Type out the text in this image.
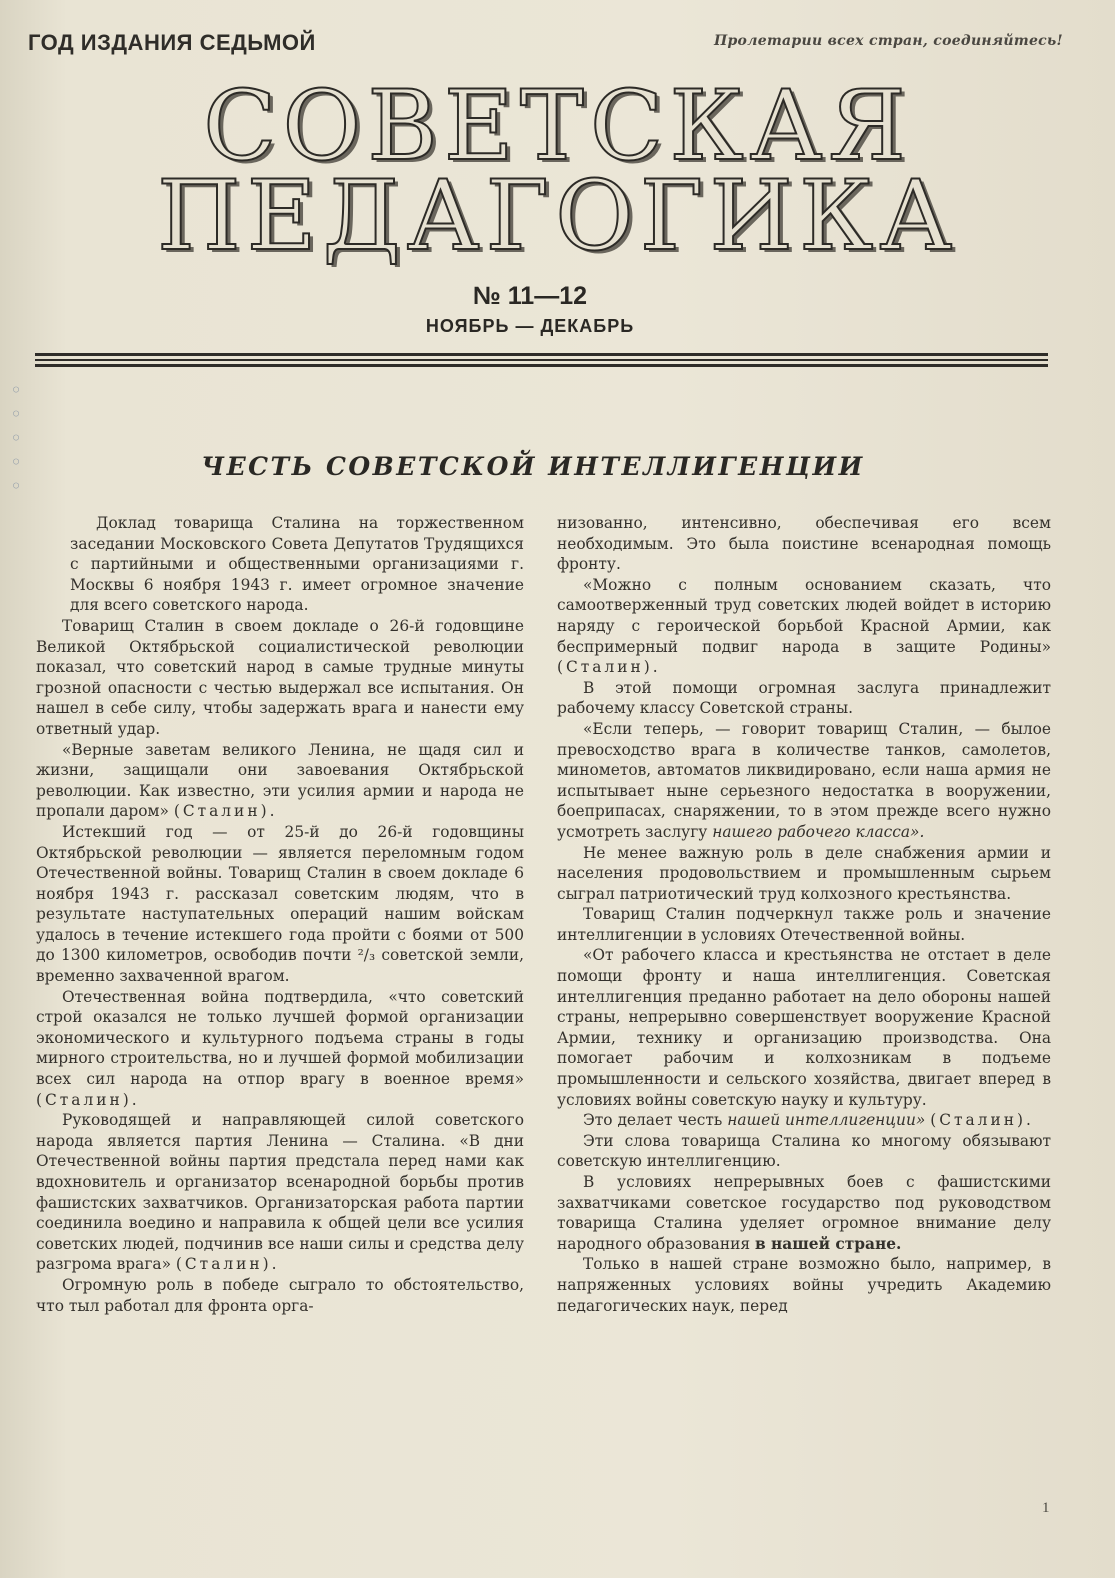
◦◦◦◦◦
ГОД ИЗДАНИЯ СЕДЬМОЙ	Пролетарии всех стран, соединяйтесь!
СОВЕТСКАЯ
ПЕДАГОГИКА
№ 11—12
НОЯБРЬ — ДЕКАБРЬ
ЧЕСТЬ СОВЕТСКОЙ ИНТЕЛЛИГЕНЦИИ

Доклад товарища Сталина на торжественном заседании Московского Совета Депутатов Трудящихся с партийными и общественными организациями г. Москвы 6 ноября 1943 г. имеет огромное значение для всего советского народа.

Товарищ Сталин в своем докладе о 26-й годовщине Великой Октябрьской социалистической революции показал, что советский народ в самые трудные минуты грозной опасности с честью выдержал все испытания. Он нашел в себе силу, чтобы задержать врага и нанести ему ответный удар.

«Верные заветам великого Ленина, не щадя сил и жизни, защищали они завоевания Октябрьской революции. Как известно, эти усилия армии и народа не пропали даром» (Сталин).

Истекший год — от 25-й до 26-й годовщины Октябрьской революции — является переломным годом Отечественной войны. Товарищ Сталин в своем докладе 6 ноября 1943 г. рассказал советским людям, что в результате наступательных операций нашим войскам удалось в течение истекшего года пройти с боями от 500 до 1300 километров, освободив почти ²/₃ советской земли, временно захваченной врагом.

Отечественная война подтвердила, «что советский строй оказался не только лучшей формой организации экономического и культурного подъема страны в годы мирного строительства, но и лучшей формой мобилизации всех сил народа на отпор врагу в военное время» (Сталин).

Руководящей и направляющей силой советского народа является партия Ленина — Сталина. «В дни Отечественной войны партия предстала перед нами как вдохновитель и организатор всенародной борьбы против фашистских захватчиков. Организаторская работа партии соединила воедино и направила к общей цели все усилия советских людей, подчинив все наши силы и средства делу разгрома врага» (Сталин).

Огромную роль в победе сыграло то обстоятельство, что тыл работал для фронта орга-

низованно, интенсивно, обеспечивая его всем необходимым. Это была поистине всенародная помощь фронту.

«Можно с полным основанием сказать, что самоотверженный труд советских людей войдет в историю наряду с героической борьбой Красной Армии, как беспримерный подвиг народа в защите Родины» (Сталин).

В этой помощи огромная заслуга принадлежит рабочему классу Советской страны.

«Если теперь, — говорит товарищ Сталин, — былое превосходство врага в количестве танков, самолетов, минометов, автоматов ликвидировано, если наша армия не испытывает ныне серьезного недостатка в вооружении, боеприпасах, снаряжении, то в этом прежде всего нужно усмотреть заслугу нашего рабочего класса».

Не менее важную роль в деле снабжения армии и населения продовольствием и промышленным сырьем сыграл патриотический труд колхозного крестьянства.

Товарищ Сталин подчеркнул также роль и значение интеллигенции в условиях Отечественной войны.

«От рабочего класса и крестьянства не отстает в деле помощи фронту и наша интеллигенция. Советская интеллигенция преданно работает на дело обороны нашей страны, непрерывно совершенствует вооружение Красной Армии, технику и организацию производства. Она помогает рабочим и колхозникам в подъеме промышленности и сельского хозяйства, двигает вперед в условиях войны советскую науку и культуру.

Это делает честь нашей интеллигенции» (Сталин).

Эти слова товарища Сталина ко многому обязывают советскую интеллигенцию.

В условиях непрерывных боев с фашистскими захватчиками советское государство под руководством товарища Сталина уделяет огромное внимание делу народного образования в нашей стране.

Только в нашей стране возможно было, например, в напряженных условиях войны учредить Академию педагогических наук, перед

1
